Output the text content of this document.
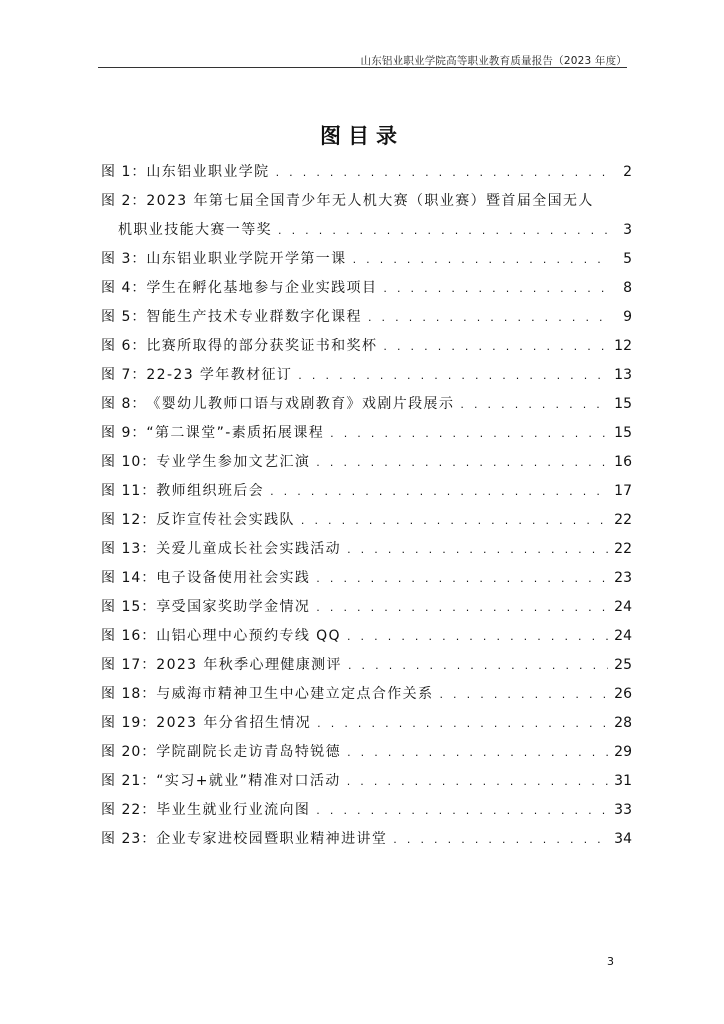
山东铝业职业学院高等职业教育质量报告（2023 年度）
图目录
图 1： 山东铝业职业学院 . . .	2
图 2： 2023 年第七届全国青少年无人机大赛（职业赛）暨首届全国无人
机职业技能大赛一等奖 . . .	3
图 3： 山东铝业职业学院开学第一课 . . .	5
图 4： 学生在孵化基地参与企业实践项目 . . .	8
图 5： 智能生产技术专业群数字化课程 . . .	9
图 6： 比赛所取得的部分获奖证书和奖杯 . . .	12
图 7： 22-23 学年教材征订 . . .	13
图 8： 《婴幼儿教师口语与戏剧教育》戏剧片段展示 . . .	15
图 9： “第二课堂”-素质拓展课程 . . .	15
图 10： 专业学生参加文艺汇演 . . .	16
图 11： 教师组织班后会 . . .	17
图 12： 反诈宣传社会实践队 . . .	22
图 13： 关爱儿童成长社会实践活动 . . .	22
图 14： 电子设备使用社会实践 . . .	23
图 15： 享受国家奖助学金情况 . . .	24
图 16： 山铝心理中心预约专线 QQ . . .	24
图 17： 2023 年秋季心理健康测评 . . .	25
图 18： 与威海市精神卫生中心建立定点合作关系 . . .	26
图 19： 2023 年分省招生情况 . . .	28
图 20： 学院副院长走访青岛特锐德 . . .	29
图 21： “实习+就业”精准对口活动 . . .	31
图 22： 毕业生就业行业流向图 . . .	33
图 23： 企业专家进校园暨职业精神进讲堂 . . .	34
3
